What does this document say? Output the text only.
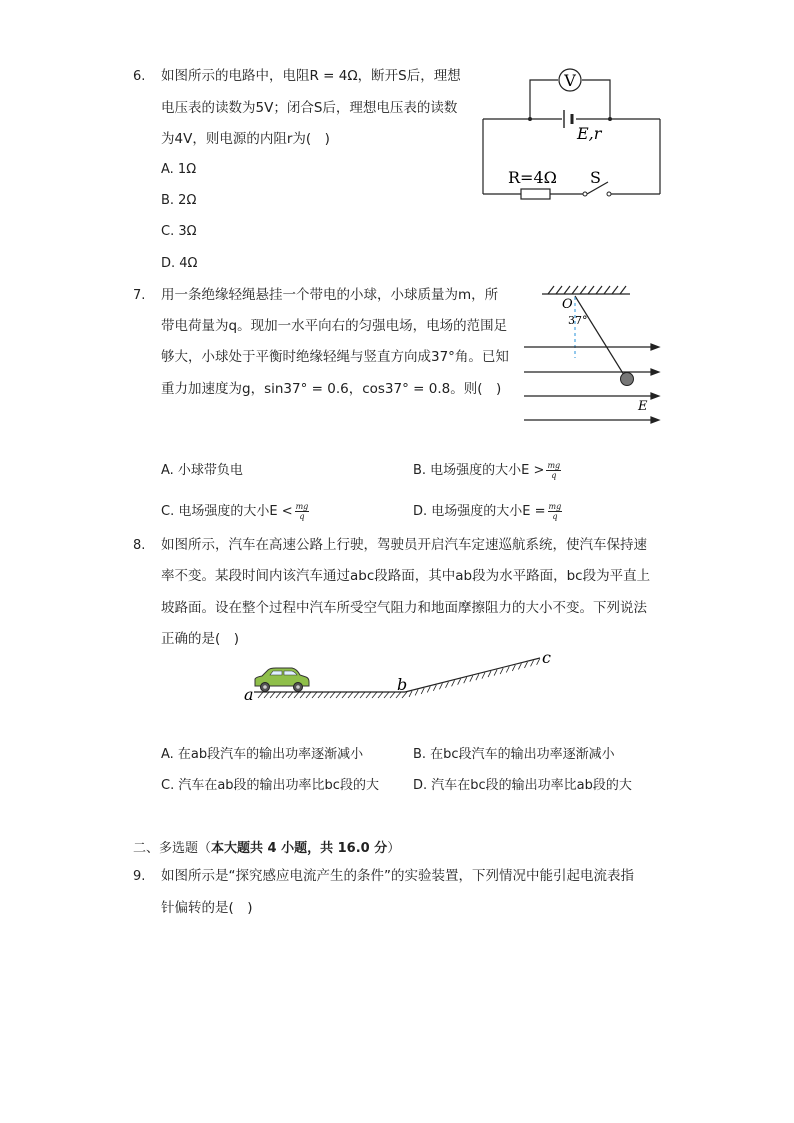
6. 如图所示的电路中，电阻R = 4Ω，断开S后，理想
电压表的读数为5V；闭合S后，理想电压表的读数
为4V，则电源的内阻r为(　)
A. 1Ω
B. 2Ω
C. 3Ω
D. 4Ω
V
E,r
R=4Ω S
7. 用一条绝缘轻绳悬挂一个带电的小球，小球质量为m，所
带电荷量为q。现加一水平向右的匀强电场，电场的范围足
够大，小球处于平衡时绝缘轻绳与竖直方向成37°角。已知
重力加速度为g，sin37° = 0.6，cos37° = 0.8。则(　)
A. 小球带负电	B. 电场强度的大小$E > \frac{mg}{q}$
C. 电场强度的大小$E < \frac{mg}{q}$	D. 电场强度的大小$E = \frac{mg}{q}$
O
37°
E
8. 如图所示，汽车在高速公路上行驶，驾驶员开启汽车定速巡航系统，使汽车保持速
率不变。某段时间内该汽车通过abc段路面，其中ab段为水平路面，bc段为平直上
坡路面。设在整个过程中汽车所受空气阻力和地面摩擦阻力的大小不变。下列说法
正确的是(　)
a
b
c
A. 在ab段汽车的输出功率逐渐减小	B. 在bc段汽车的输出功率逐渐减小
C. 汽车在ab段的输出功率比bc段的大	D. 汽车在bc段的输出功率比ab段的大
二、多选题（本大题共 4 小题，共 16.0 分）
9. 如图所示是“探究感应电流产生的条件”的实验装置，下列情况中能引起电流表指
针偏转的是(　)
